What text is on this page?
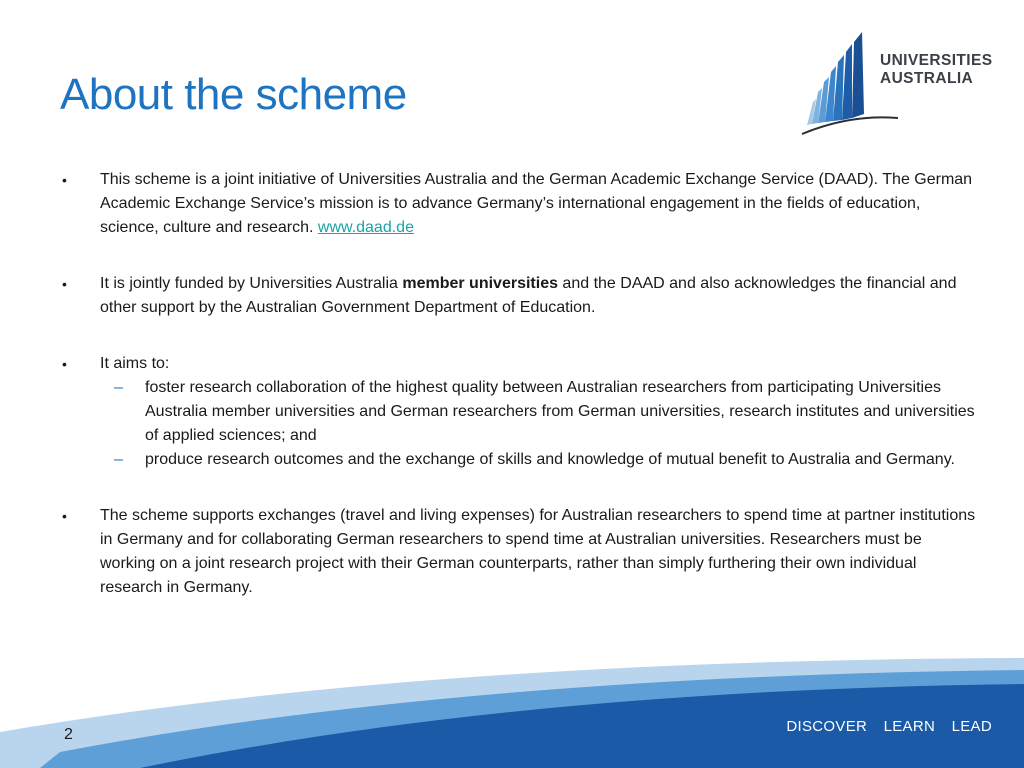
About the scheme
UNIVERSITIES
AUSTRALIA
• This scheme is a joint initiative of Universities Australia and the German Academic Exchange Service (DAAD). The German Academic Exchange Service’s mission is to advance Germany’s international engagement in the fields of education, science, culture and research. www.daad.de
• It is jointly funded by Universities Australia member universities and the DAAD and also acknowledges the financial and other support by the Australian Government Department of Education.
• It aims to:
– foster research collaboration of the highest quality between Australian researchers from participating Universities Australia member universities and German researchers from German universities, research institutes and universities of applied sciences; and
– produce research outcomes and the exchange of skills and knowledge of mutual benefit to Australia and Germany.
• The scheme supports exchanges (travel and living expenses) for Australian researchers to spend time at partner institutions in Germany and for collaborating German researchers to spend time at Australian universities. Researchers must be working on a joint research project with their German counterparts, rather than simply furthering their own individual research in Germany.
DISCOVER LEARN LEAD
2
